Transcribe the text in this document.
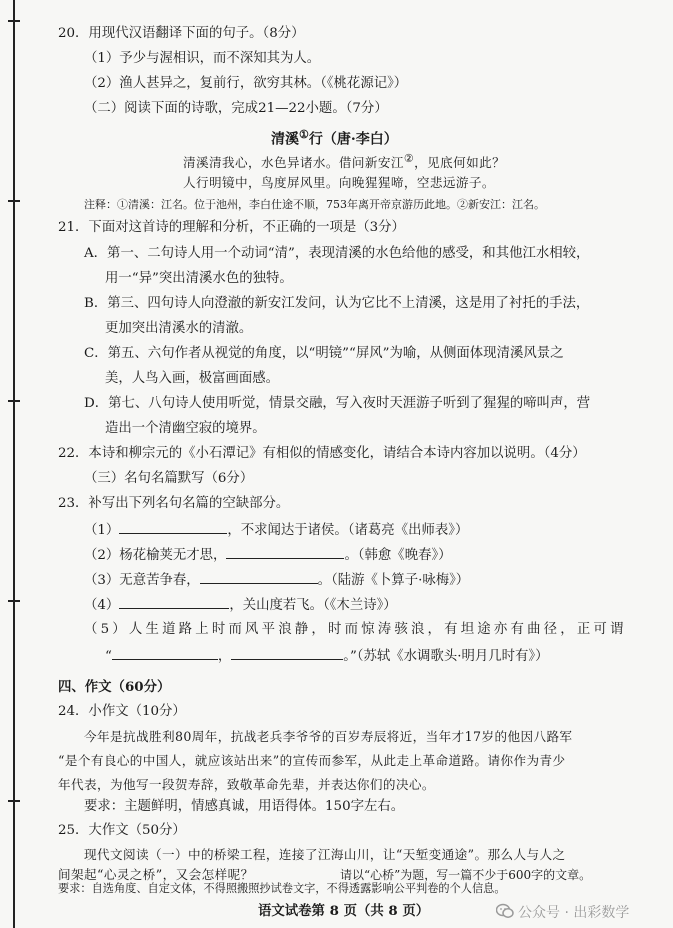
20．用现代汉语翻译下面的句子。（8分）
（1）予少与渥相识，而不深知其为人。
（2）渔人甚异之，复前行，欲穷其林。（《桃花源记》）
（二）阅读下面的诗歌，完成21—22小题。（7分）
清溪①行（唐·李白）
清溪清我心，水色异诸水。借问新安江②，见底何如此？
人行明镜中，鸟度屏风里。向晚猩猩啼，空悲远游子。
注释：①清溪：江名。位于池州，李白仕途不顺，753年离开帝京游历此地。②新安江：江名。
21．下面对这首诗的理解和分析，不正确的一项是（3分）
A．第一、二句诗人用一个动词“清”，表现清溪的水色给他的感受，和其他江水相较，
用一“异”突出清溪水色的独特。
B．第三、四句诗人向澄澈的新安江发问，认为它比不上清溪，这是用了衬托的手法，
更加突出清溪水的清澈。
C．第五、六句作者从视觉的角度，以“明镜”“屏风”为喻，从侧面体现清溪风景之
美，人鸟入画，极富画面感。
D．第七、八句诗人使用听觉，情景交融，写入夜时天涯游子听到了猩猩的啼叫声，营
造出一个清幽空寂的境界。
22．本诗和柳宗元的《小石潭记》有相似的情感变化，请结合本诗内容加以说明。（4分）
（三）名句名篇默写（6分）
23．补写出下列名句名篇的空缺部分。
（1）	，不求闻达于诸侯。（诸葛亮《出师表》）
（2）杨花榆荚无才思，	。（韩愈《晚春》）
（3）无意苦争春，	。（陆游《卜算子·咏梅》）
（4）	，关山度若飞。（《木兰诗》）
（5）人生道路上时而风平浪静，时而惊涛骇浪，有坦途亦有曲径，正可谓
“	，	。”（苏轼《水调歌头·明月几时有》）
四、作文（60分）
24．小作文（10分）
今年是抗战胜利80周年，抗战老兵李爷爷的百岁寿辰将近，当年才17岁的他因八路军
“是个有良心的中国人，就应该站出来”的宣传而参军，从此走上革命道路。请你作为青少
年代表，为他写一段贺寿辞，致敬革命先辈，并表达你们的决心。
要求：主题鲜明，情感真诚，用语得体。150字左右。
25．大作文（50分）
现代文阅读（一）中的桥梁工程，连接了江海山川，让“天堑变通途”。那么人与人之
间架起“心灵之桥”，又会怎样呢？	请以“心桥”为题，写一篇不少于600字的文章。
要求：自选角度、自定文体，不得照搬照抄试卷文字，不得透露影响公平判卷的个人信息。
语文试卷第 8 页（共 8 页）	公众号 · 出彩数学
